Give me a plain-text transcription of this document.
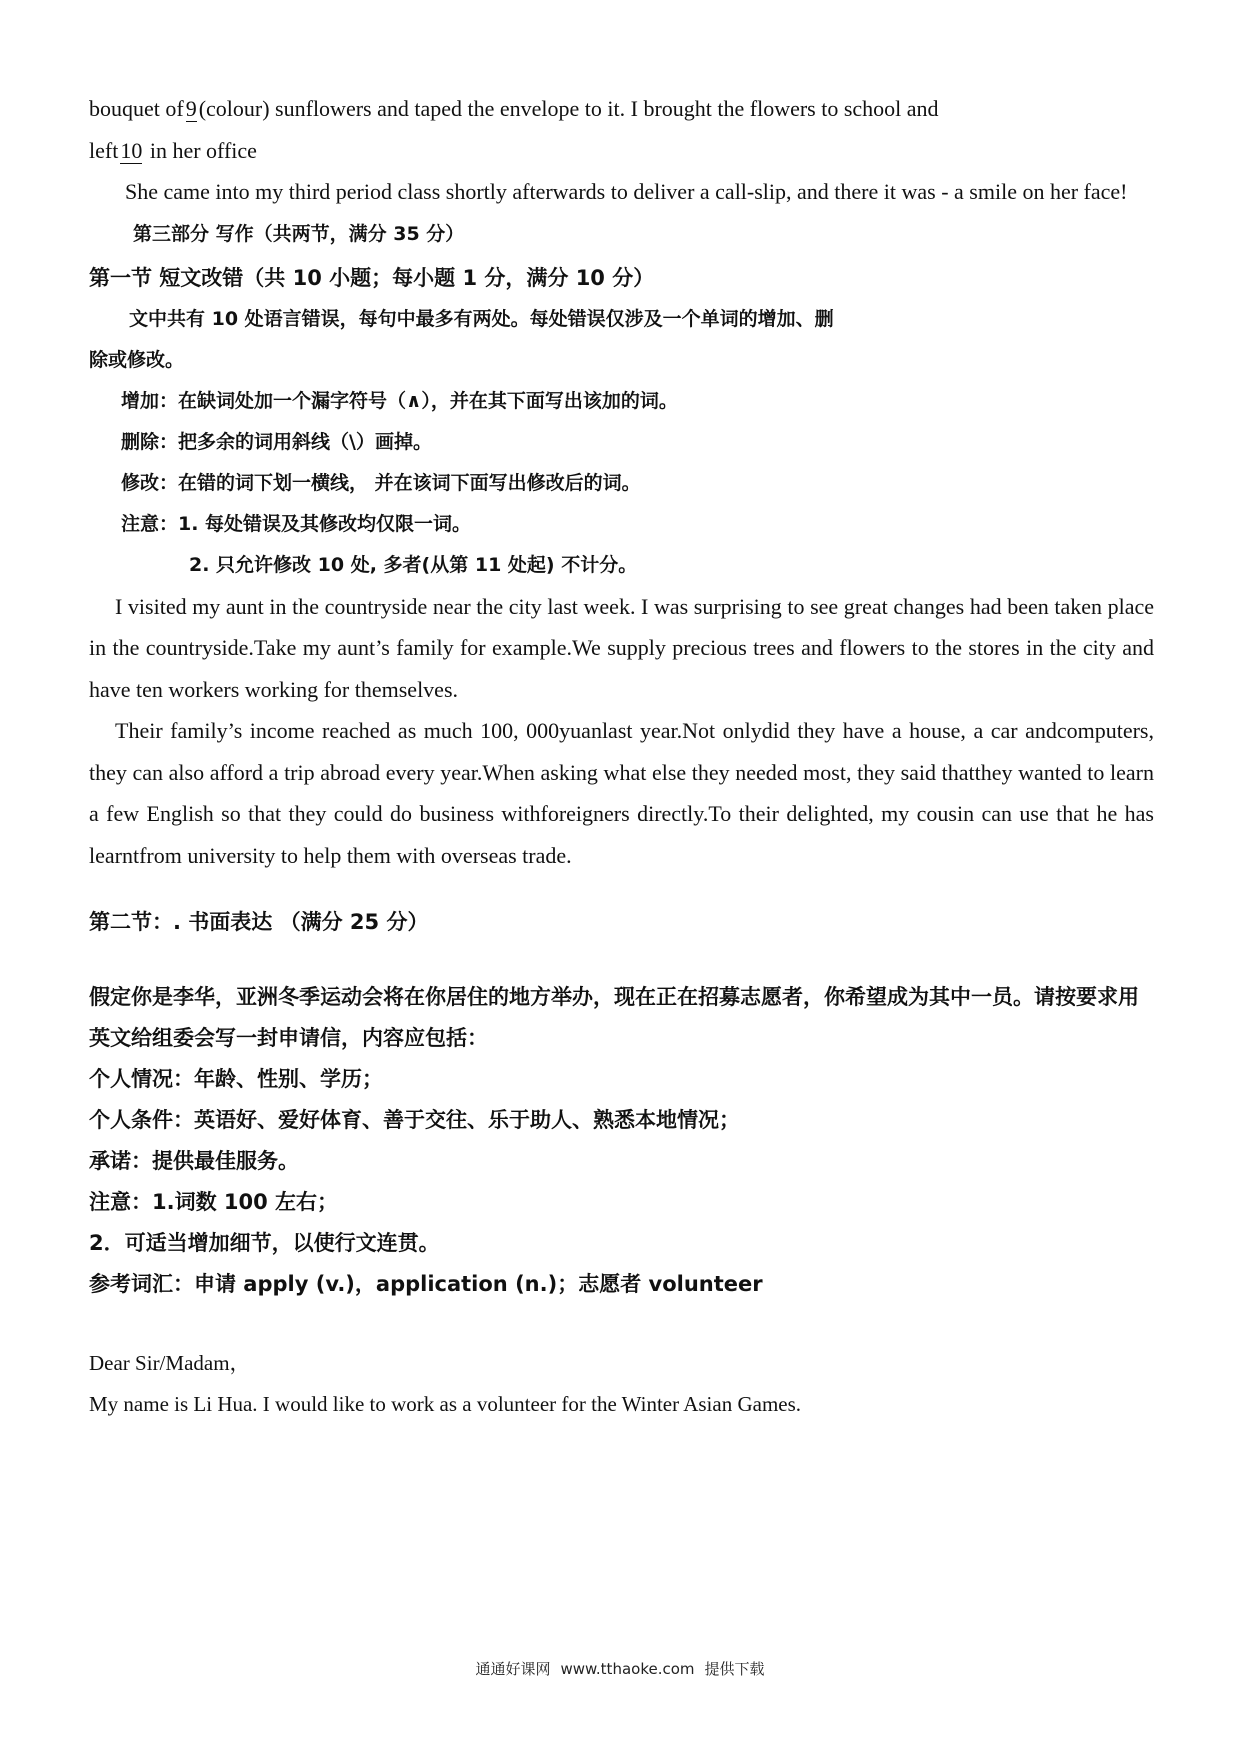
bouquet of9(colour) sunflowers and taped the envelope to it. I brought the flowers to school and

left10 in her office

She came into my third period class shortly afterwards to deliver a call-slip, and there it was - a smile on her face!

第三部分 写作（共两节，满分 35 分）

第一节 短文改错（共 10 小题；每小题 1 分，满分 10 分）

文中共有 10 处语言错误，每句中最多有两处。每处错误仅涉及一个单词的增加、删

除或修改。

增加：在缺词处加一个漏字符号（∧），并在其下面写出该加的词。

删除：把多余的词用斜线（\）画掉。

修改：在错的词下划一横线， 并在该词下面写出修改后的词。

注意：1. 每处错误及其修改均仅限一词。

2. 只允许修改 10 处, 多者(从第 11 处起) 不计分。

I visited my aunt in the countryside near the city last week. I was surprising to see great changes had been taken place in the countryside.Take my aunt’s family for example.We supply precious trees and flowers to the stores in the city and have ten workers working for themselves.

Their family’s income reached as much 100, 000yuanlast year.Not onlydid they have a house, a car andcomputers, they can also afford a trip abroad every year.When asking what else they needed most, they said thatthey wanted to learn a few English so that they could do business withforeigners directly.To their delighted, my cousin can use that he has learntfrom university to help them with overseas trade.

第二节：. 书面表达 （满分 25 分）

假定你是李华，亚洲冬季运动会将在你居住的地方举办，现在正在招募志愿者，你希望成为其中一员。请按要求用英文给组委会写一封申请信，内容应包括：

个人情况：年龄、性别、学历；

个人条件：英语好、爱好体育、善于交往、乐于助人、熟悉本地情况；

承诺：提供最佳服务。

注意：1.词数 100 左右；

2．可适当增加细节，以使行文连贯。

参考词汇：申请 apply (v.)，application (n.)；志愿者 volunteer

Dear Sir/Madam，

My name is Li Hua. I would like to work as a volunteer for the Winter Asian Games.

通通好课网 www.tthaoke.com 提供下载
